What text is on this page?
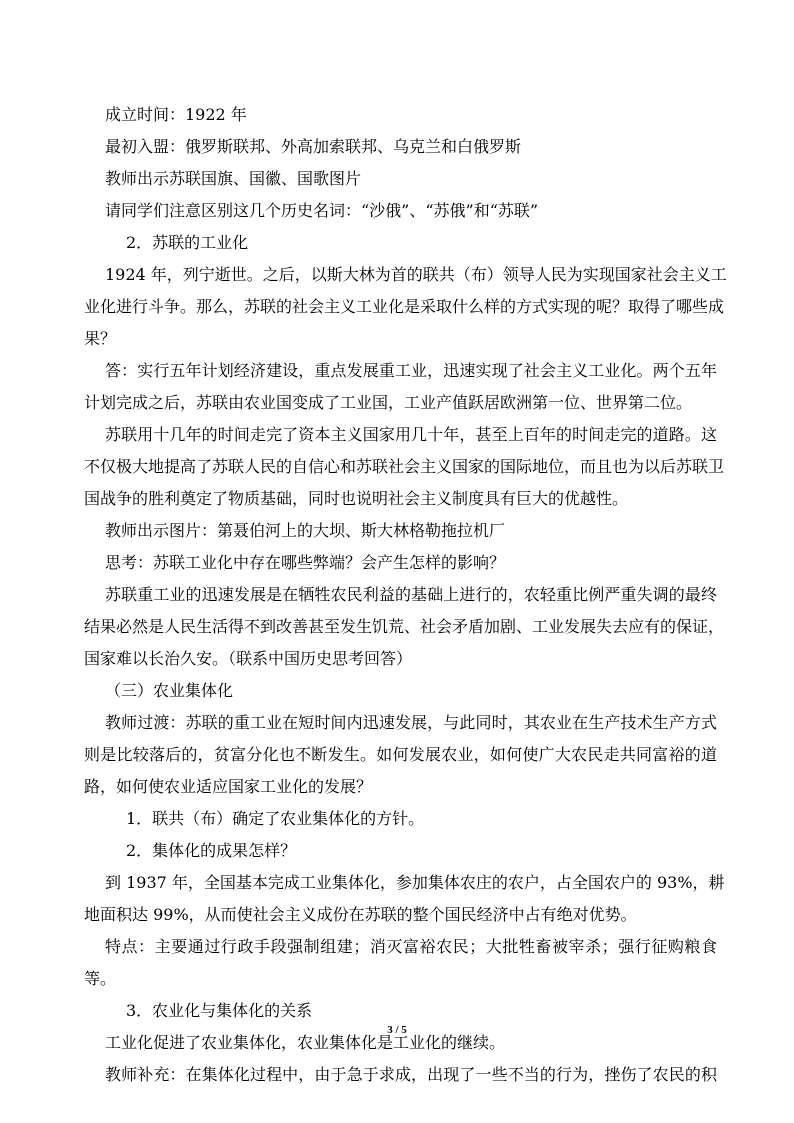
成立时间：1922 年
最初入盟：俄罗斯联邦、外高加索联邦、乌克兰和白俄罗斯
教师出示苏联国旗、国徽、国歌图片
请同学们注意区别这几个历史名词：“沙俄”、“苏俄”和“苏联”
2．苏联的工业化
1924 年，列宁逝世。之后，以斯大林为首的联共（布）领导人民为实现国家社会主义工
业化进行斗争。那么，苏联的社会主义工业化是采取什么样的方式实现的呢？取得了哪些成
果？
答：实行五年计划经济建设，重点发展重工业，迅速实现了社会主义工业化。两个五年
计划完成之后，苏联由农业国变成了工业国，工业产值跃居欧洲第一位、世界第二位。
苏联用十几年的时间走完了资本主义国家用几十年，甚至上百年的时间走完的道路。这
不仅极大地提高了苏联人民的自信心和苏联社会主义国家的国际地位，而且也为以后苏联卫
国战争的胜利奠定了物质基础，同时也说明社会主义制度具有巨大的优越性。
教师出示图片：第聂伯河上的大坝、斯大林格勒拖拉机厂
思考：苏联工业化中存在哪些弊端？会产生怎样的影响？
苏联重工业的迅速发展是在牺牲农民利益的基础上进行的，农轻重比例严重失调的最终
结果必然是人民生活得不到改善甚至发生饥荒、社会矛盾加剧、工业发展失去应有的保证，
国家难以长治久安。（联系中国历史思考回答）
（三）农业集体化
教师过渡：苏联的重工业在短时间内迅速发展，与此同时，其农业在生产技术生产方式
则是比较落后的，贫富分化也不断发生。如何发展农业，如何使广大农民走共同富裕的道
路，如何使农业适应国家工业化的发展？
1．联共（布）确定了农业集体化的方针。
2．集体化的成果怎样？
到 1937 年，全国基本完成工业集体化，参加集体农庄的农户，占全国农户的 93%，耕
地面积达 99%，从而使社会主义成份在苏联的整个国民经济中占有绝对优势。
特点：主要通过行政手段强制组建；消灭富裕农民；大批牲畜被宰杀；强行征购粮食
等。
3．农业化与集体化的关系
工业化促进了农业集体化，农业集体化是工业化的继续。
教师补充：在集体化过程中，由于急于求成，出现了一些不当的行为，挫伤了农民的积
3 / 5
